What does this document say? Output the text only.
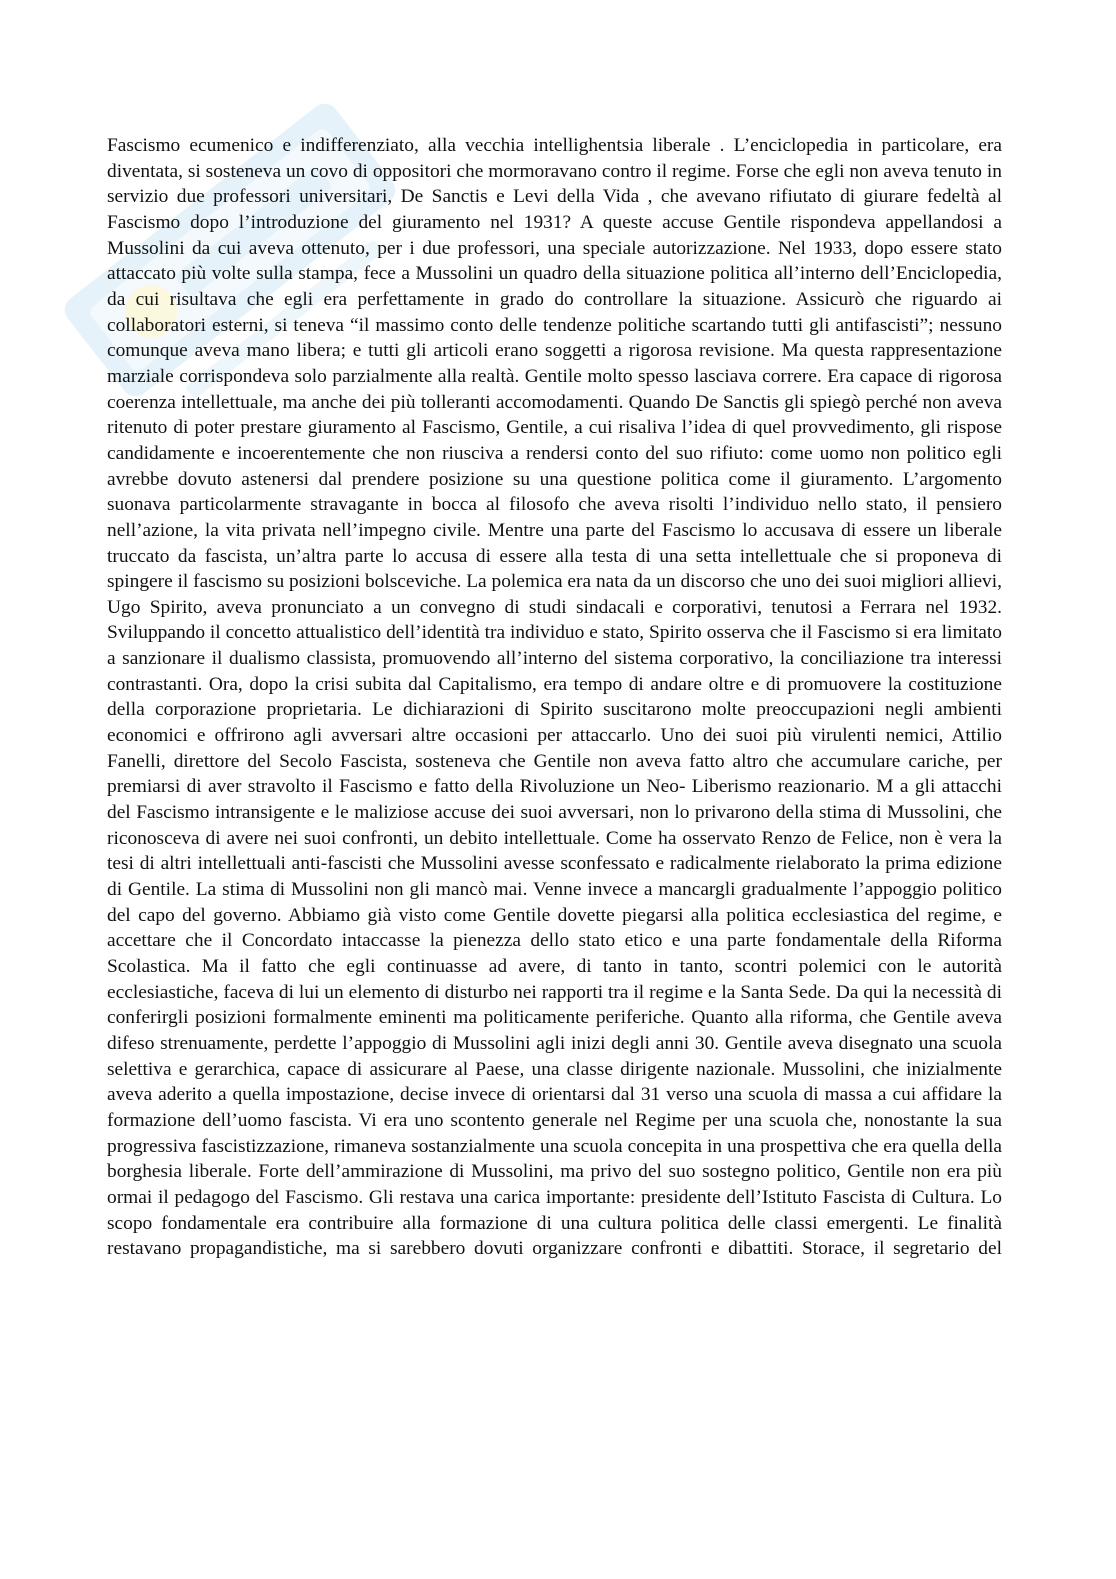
Fascismo ecumenico e indifferenziato, alla vecchia intellighentsia liberale . L’enciclopedia in particolare, era diventata, si sosteneva un covo di oppositori che mormoravano contro il regime. Forse che egli non aveva tenuto in servizio due professori universitari, De Sanctis e Levi della Vida , che avevano rifiutato di giurare fedeltà al Fascismo dopo l’introduzione del giuramento nel 1931? A queste accuse Gentile rispondeva appellandosi a Mussolini da cui aveva ottenuto, per i due professori, una speciale autorizzazione. Nel 1933, dopo essere stato attaccato più volte sulla stampa, fece a Mussolini un quadro della situazione politica all’interno dell’Enciclopedia, da cui risultava che egli era perfettamente in grado do controllare la situazione. Assicurò che riguardo ai collaboratori esterni, si teneva “il massimo conto delle tendenze politiche scartando tutti gli antifascisti”; nessuno comunque aveva mano libera; e tutti gli articoli erano soggetti a rigorosa revisione. Ma questa rappresentazione marziale corrispondeva solo parzialmente alla realtà. Gentile molto spesso lasciava correre. Era capace di rigorosa coerenza intellettuale, ma anche dei più tolleranti accomodamenti. Quando De Sanctis gli spiegò perché non aveva ritenuto di poter prestare giuramento al Fascismo, Gentile, a cui risaliva l’idea di quel provvedimento, gli rispose candidamente e incoerentemente che non riusciva a rendersi conto del suo rifiuto: come uomo non politico egli avrebbe dovuto astenersi dal prendere posizione su una questione politica come il giuramento. L’argomento suonava particolarmente stravagante in bocca al filosofo che aveva risolti l’individuo nello stato, il pensiero nell’azione, la vita privata nell’impegno civile. Mentre una parte del Fascismo lo accusava di essere un liberale truccato da fascista, un’altra parte lo accusa di essere alla testa di una setta intellettuale che si proponeva di spingere il fascismo su posizioni bolsceviche. La polemica era nata da un discorso che uno dei suoi migliori allievi, Ugo Spirito, aveva pronunciato a un convegno di studi sindacali e corporativi, tenutosi a Ferrara nel 1932. Sviluppando il concetto attualistico dell’identità tra individuo e stato, Spirito osserva che il Fascismo si era limitato a sanzionare il dualismo classista, promuovendo all’interno del sistema corporativo, la conciliazione tra interessi contrastanti. Ora, dopo la crisi subita dal Capitalismo, era tempo di andare oltre e di promuovere la costituzione della corporazione proprietaria. Le dichiarazioni di Spirito suscitarono molte preoccupazioni negli ambienti economici e offrirono agli avversari altre occasioni per attaccarlo. Uno dei suoi più virulenti nemici, Attilio Fanelli, direttore del Secolo Fascista, sosteneva che Gentile non aveva fatto altro che accumulare cariche, per premiarsi di aver stravolto il Fascismo e fatto della Rivoluzione un Neo- Liberismo reazionario. M a gli attacchi del Fascismo intransigente e le maliziose accuse dei suoi avversari, non lo privarono della stima di Mussolini, che riconosceva di avere nei suoi confronti, un debito intellettuale. Come ha osservato Renzo de Felice, non è vera la tesi di altri intellettuali anti-fascisti che Mussolini avesse sconfessato e radicalmente rielaborato la prima edizione di Gentile. La stima di Mussolini non gli mancò mai. Venne invece a mancargli gradualmente l’appoggio politico del capo del governo. Abbiamo già visto come Gentile dovette piegarsi alla politica ecclesiastica del regime, e accettare che il Concordato intaccasse la pienezza dello stato etico e una parte fondamentale della Riforma Scolastica. Ma il fatto che egli continuasse ad avere, di tanto in tanto, scontri polemici con le autorità ecclesiastiche, faceva di lui un elemento di disturbo nei rapporti tra il regime e la Santa Sede. Da qui la necessità di conferirgli posizioni formalmente eminenti ma politicamente periferiche. Quanto alla riforma, che Gentile aveva difeso strenuamente, perdette l’appoggio di Mussolini agli inizi degli anni 30. Gentile aveva disegnato una scuola selettiva e gerarchica, capace di assicurare al Paese, una classe dirigente nazionale. Mussolini, che inizialmente aveva aderito a quella impostazione, decise invece di orientarsi dal 31 verso una scuola di massa a cui affidare la formazione dell’uomo fascista. Vi era uno scontento generale nel Regime per una scuola che, nonostante la sua progressiva fascistizzazione, rimaneva sostanzialmente una scuola concepita in una prospettiva che era quella della borghesia liberale. Forte dell’ammirazione di Mussolini, ma privo del suo sostegno politico, Gentile non era più ormai il pedagogo del Fascismo. Gli restava una carica importante: presidente dell’Istituto Fascista di Cultura. Lo scopo fondamentale era contribuire alla formazione di una cultura politica delle classi emergenti. Le finalità restavano propagandistiche, ma si sarebbero dovuti organizzare confronti e dibattiti. Storace, il segretario del
